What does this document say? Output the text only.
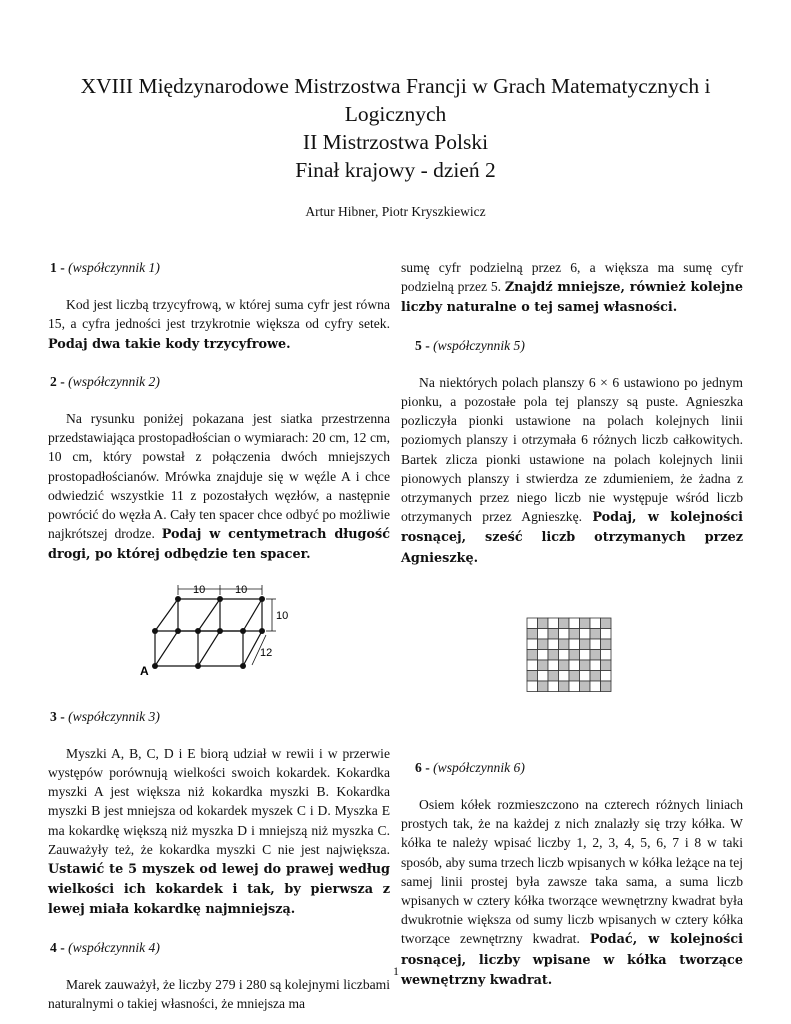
XVIII Międzynarodowe Mistrzostwa Francji w Grach Matematycznych i
Logicznych
II Mistrzostwa Polski
Finał krajowy - dzień 2
Artur Hibner, Piotr Kryszkiewicz

1 - (współczynnik 1)

Kod jest liczbą trzycyfrową, w której suma cyfr jest równa 15, a cyfra jedności jest trzykrotnie większa od cyfry setek. Podaj dwa takie kody trzycyfrowe.

2 - (współczynnik 2)

Na rysunku poniżej pokazana jest siatka przestrzenna przedstawiająca prostopadłościan o wymiarach: 20 cm, 12 cm, 10 cm, który powstał z połączenia dwóch mniejszych prostopadłościanów. Mrówka znajduje się w węźle A i chce odwiedzić wszystkie 11 z pozostałych węzłów, a następnie powrócić do węzła A. Cały ten spacer chce odbyć po możliwie najkrótszej drodze. Podaj w centymetrach długość drogi, po której odbędzie ten spacer.

10	10
10
12
A

3 - (współczynnik 3)

Myszki A, B, C, D i E biorą udział w rewii i w przerwie występów porównują wielkości swoich kokardek. Kokardka myszki A jest większa niż kokardka myszki B. Kokardka myszki B jest mniejsza od kokardek myszek C i D. Myszka E ma kokardkę większą niż myszka D i mniejszą niż myszka C. Zauważyły też, że kokardka myszki C nie jest największa. Ustawić te 5 myszek od lewej do prawej według wielkości ich kokardek i tak, by pierwsza z lewej miała kokardkę najmniejszą.

4 - (współczynnik 4)

Marek zauważył, że liczby 279 i 280 są kolejnymi liczbami naturalnymi o takiej własności, że mniejsza ma

sumę cyfr podzielną przez 6, a większa ma sumę cyfr podzielną przez 5. Znajdź mniejsze, również kolejne liczby naturalne o tej samej własności.

5 - (współczynnik 5)

Na niektórych polach planszy 6 × 6 ustawiono po jednym pionku, a pozostałe pola tej planszy są puste. Agnieszka pozliczyła pionki ustawione na polach kolejnych linii poziomych planszy i otrzymała 6 różnych liczb całkowitych. Bartek zlicza pionki ustawione na polach kolejnych linii pionowych planszy i stwierdza ze zdumieniem, że żadna z otrzymanych przez niego liczb nie występuje wśród liczb otrzymanych przez Agnieszkę. Podaj, w kolejności rosnącej, sześć liczb otrzymanych przez Agnieszkę.

6 - (współczynnik 6)

Osiem kółek rozmieszczono na czterech różnych liniach prostych tak, że na każdej z nich znalazły się trzy kółka. W kółka te należy wpisać liczby 1, 2, 3, 4, 5, 6, 7 i 8 w taki sposób, aby suma trzech liczb wpisanych w kółka leżące na tej samej linii prostej była zawsze taka sama, a suma liczb wpisanych w cztery kółka tworzące wewnętrzny kwadrat była dwukrotnie większa od sumy liczb wpisanych w cztery kółka tworzące zewnętrzny kwadrat. Podać, w kolejności rosnącej, liczby wpisane w kółka tworzące wewnętrzny kwadrat.

1
